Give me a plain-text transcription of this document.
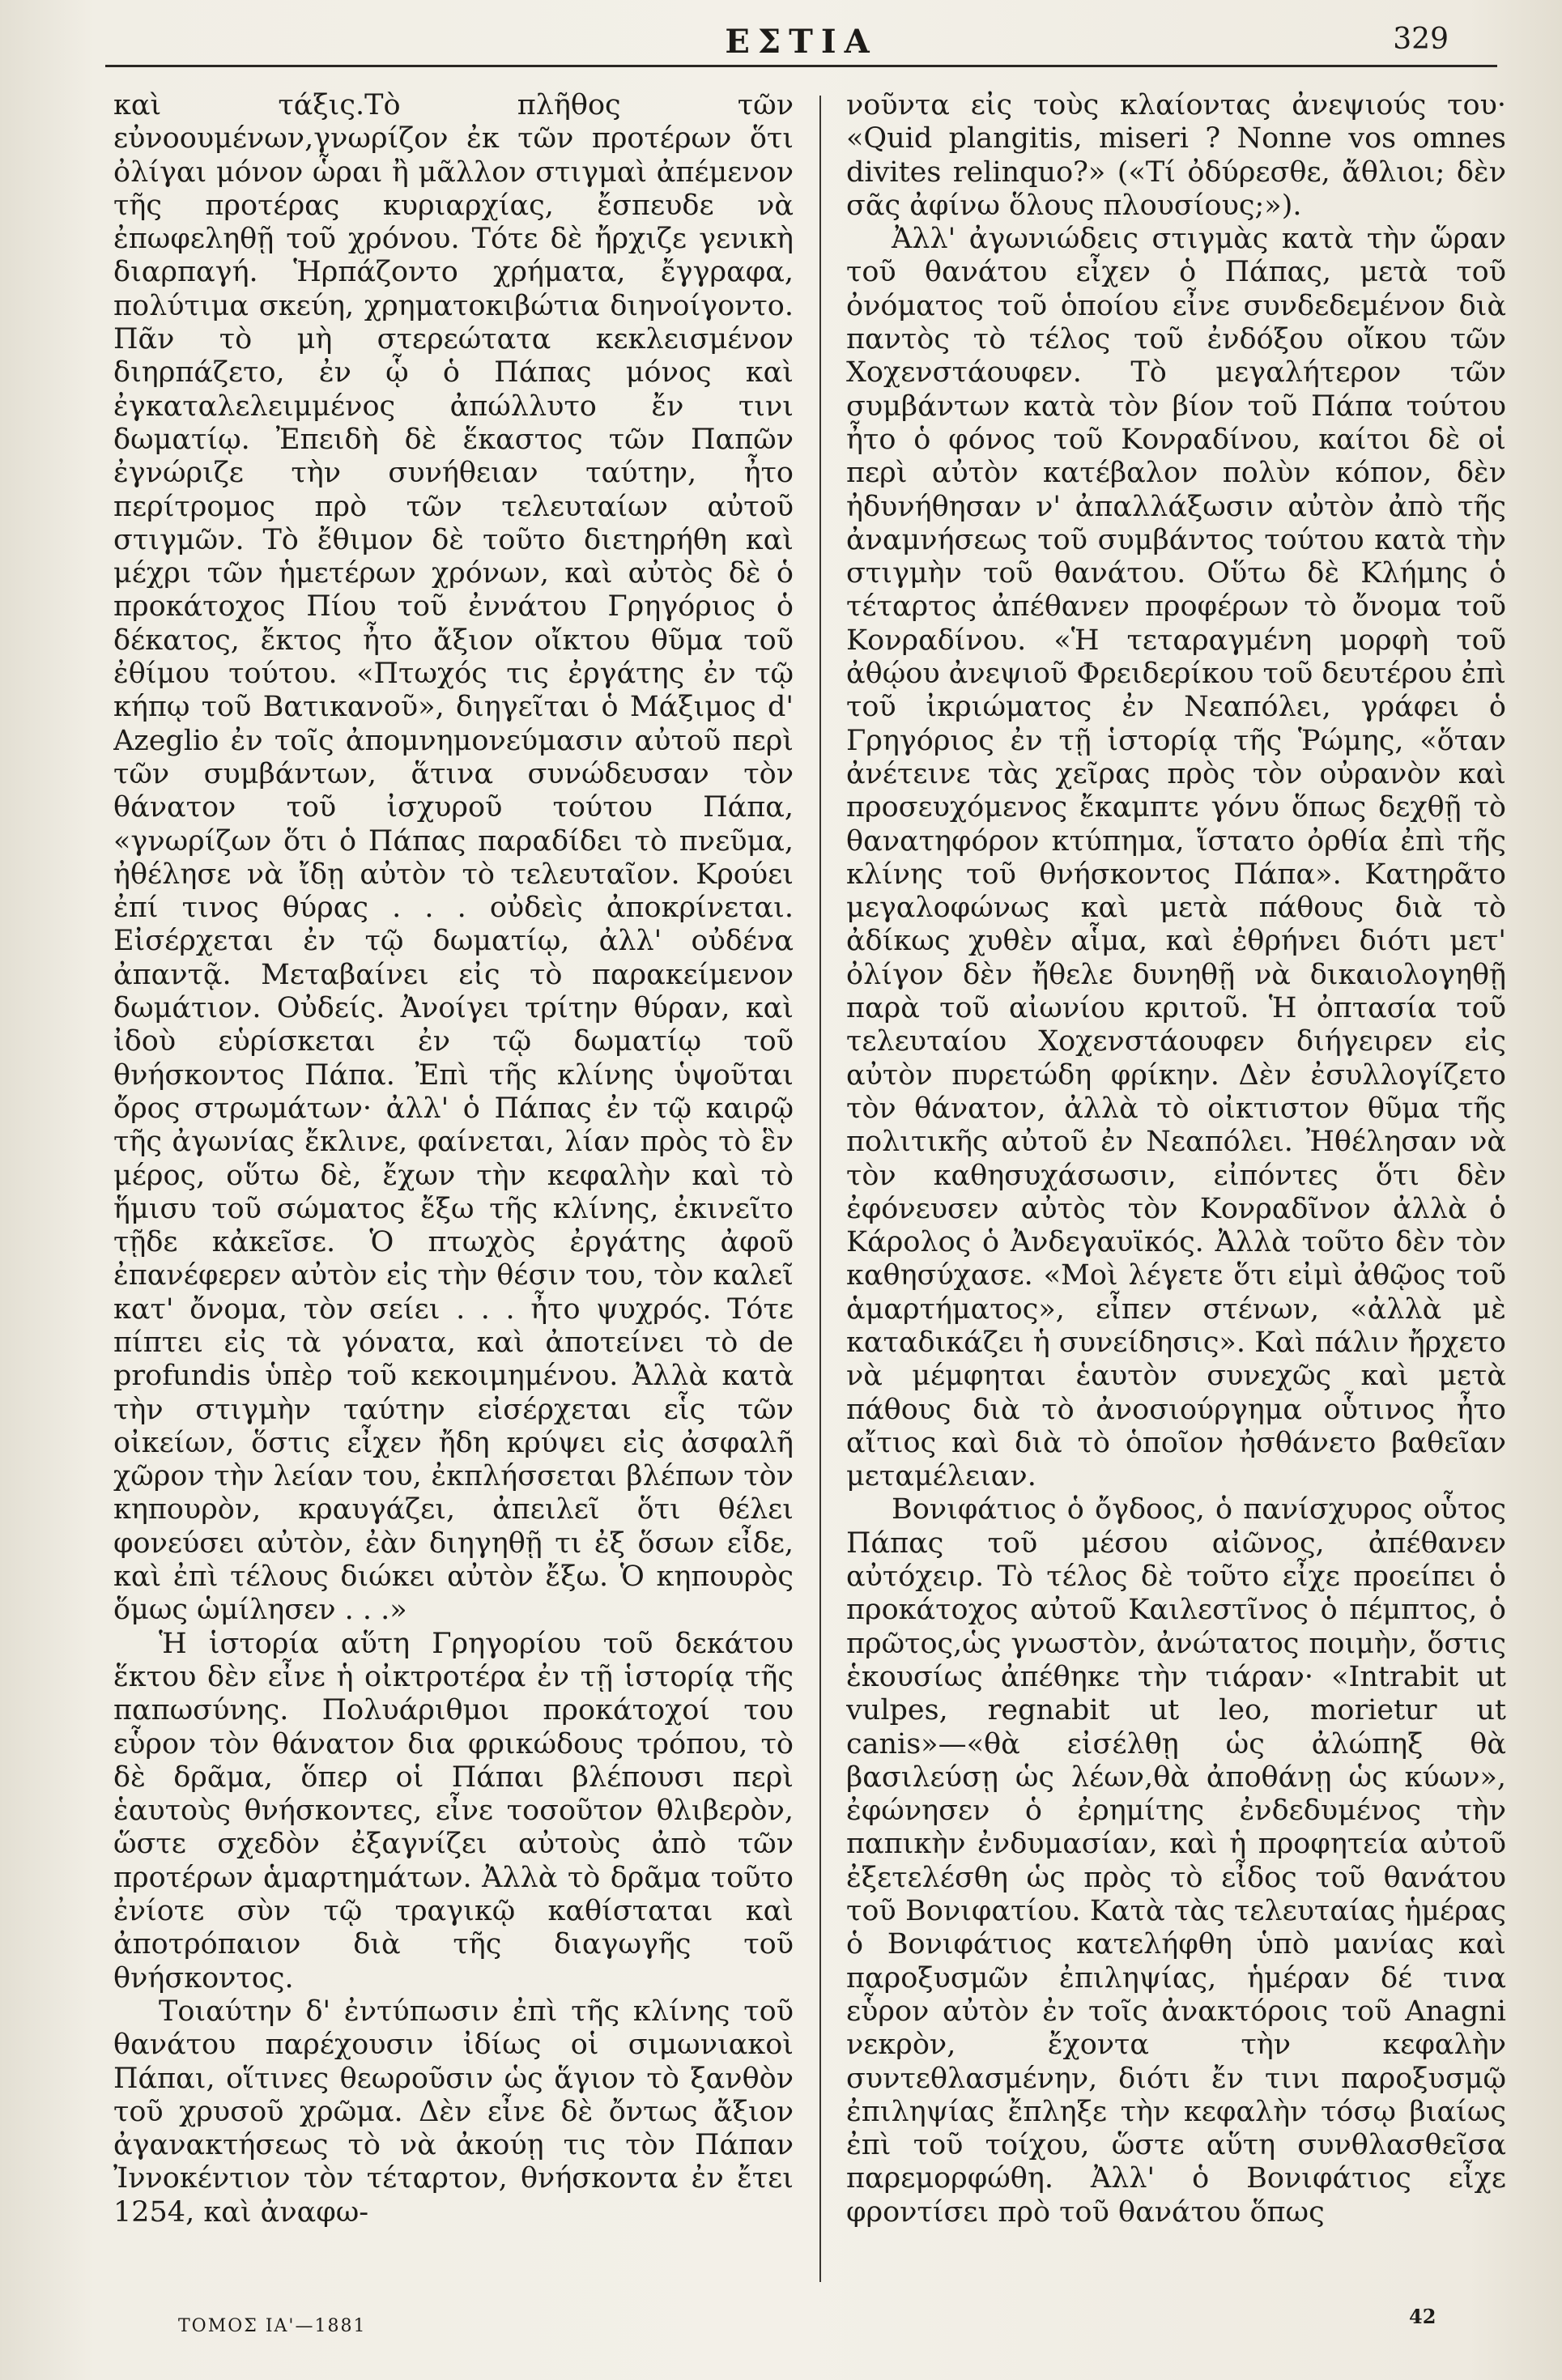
ΕΣΤΙΑ	329

καὶ τάξις.Τὸ πλῆθος τῶν εὐνοουμένων,γνωρίζον ἐκ τῶν προτέρων ὅτι ὀλίγαι μόνον ὧραι ἢ μᾶλλον στιγμαὶ ἀπέμενον τῆς προτέρας κυριαρχίας, ἔσπευδε νὰ ἐπωφεληθῇ τοῦ χρόνου. Τότε δὲ ἤρχιζε γενικὴ διαρπαγή. Ἡρπάζοντο χρήματα, ἔγγραφα, πολύτιμα σκεύη, χρηματοκιβώτια διηνοίγοντο. Πᾶν τὸ μὴ στερεώτατα κεκλεισμένον διηρπάζετο, ἐν ᾧ ὁ Πάπας μόνος καὶ ἐγκαταλελειμμένος ἀπώλλυτο ἔν τινι δωματίῳ. Ἐπειδὴ δὲ ἕκαστος τῶν Παπῶν ἐγνώριζε τὴν συνήθειαν ταύτην, ἦτο περίτρομος πρὸ τῶν τελευταίων αὐτοῦ στιγμῶν. Τὸ ἔθιμον δὲ τοῦτο διετηρήθη καὶ μέχρι τῶν ἡμετέρων χρόνων, καὶ αὐτὸς δὲ ὁ προκάτοχος Πίου τοῦ ἐννάτου Γρηγόριος ὁ δέκατος, ἔκτος ἦτο ἄξιον οἴκτου θῦμα τοῦ ἐθίμου τούτου. «Πτωχός τις ἐργάτης ἐν τῷ κήπῳ τοῦ Βατικανοῦ», διηγεῖται ὁ Μάξιμος d' Azeglio ἐν τοῖς ἀπομνημονεύμασιν αὐτοῦ περὶ τῶν συμβάντων, ἅτινα συνώδευσαν τὸν θάνατον τοῦ ἰσχυροῦ τούτου Πάπα, «γνωρίζων ὅτι ὁ Πάπας παραδίδει τὸ πνεῦμα, ἠθέλησε νὰ ἴδῃ αὐτὸν τὸ τελευταῖον. Κρούει ἐπί τινος θύρας . . . οὐδεὶς ἀποκρίνεται. Εἰσέρχεται ἐν τῷ δωματίῳ, ἀλλ' οὐδένα ἀπαντᾷ. Μεταβαίνει εἰς τὸ παρακείμενον δωμάτιον. Οὐδείς. Ἀνοίγει τρίτην θύραν, καὶ ἰδοὺ εὑρίσκεται ἐν τῷ δωματίῳ τοῦ θνήσκοντος Πάπα. Ἐπὶ τῆς κλίνης ὑψοῦται ὄρος στρωμάτων· ἀλλ' ὁ Πάπας ἐν τῷ καιρῷ τῆς ἀγωνίας ἔκλινε, φαίνεται, λίαν πρὸς τὸ ἓν μέρος, οὕτω δὲ, ἔχων τὴν κεφαλὴν καὶ τὸ ἥμισυ τοῦ σώματος ἔξω τῆς κλίνης, ἐκινεῖτο τῇδε κἀκεῖσε. Ὁ πτωχὸς ἐργάτης ἀφοῦ ἐπανέφερεν αὐτὸν εἰς τὴν θέσιν του, τὸν καλεῖ κατ' ὄνομα, τὸν σείει . . . ἦτο ψυχρός. Τότε πίπτει εἰς τὰ γόνατα, καὶ ἀποτείνει τὸ de profundis ὑπὲρ τοῦ κεκοιμημένου. Ἀλλὰ κατὰ τὴν στιγμὴν ταύτην εἰσέρχεται εἷς τῶν οἰκείων, ὅστις εἶχεν ἤδη κρύψει εἰς ἀσφαλῆ χῶρον τὴν λείαν του, ἐκπλήσσεται βλέπων τὸν κηπουρὸν, κραυγάζει, ἀπειλεῖ ὅτι θέλει φονεύσει αὐτὸν, ἐὰν διηγηθῇ τι ἐξ ὅσων εἶδε, καὶ ἐπὶ τέλους διώκει αὐτὸν ἔξω. Ὁ κηπουρὸς ὅμως ὡμίλησεν . . .»

Ἡ ἱστορία αὕτη Γρηγορίου τοῦ δεκάτου ἕκτου δὲν εἶνε ἡ οἰκτροτέρα ἐν τῇ ἱστορίᾳ τῆς παπωσύνης. Πολυάριθμοι προκάτοχοί του εὗρον τὸν θάνατον δια φρικώδους τρόπου, τὸ δὲ δρᾶμα, ὅπερ οἱ Πάπαι βλέπουσι περὶ ἑαυτοὺς θνήσκοντες, εἶνε τοσοῦτον θλιβερὸν, ὥστε σχεδὸν ἐξαγνίζει αὐτοὺς ἀπὸ τῶν προτέρων ἁμαρτημάτων. Ἀλλὰ τὸ δρᾶμα τοῦτο ἐνίοτε σὺν τῷ τραγικῷ καθίσταται καὶ ἀποτρόπαιον διὰ τῆς διαγωγῆς τοῦ θνήσκοντος.

Τοιαύτην δ' ἐντύπωσιν ἐπὶ τῆς κλίνης τοῦ θανάτου παρέχουσιν ἰδίως οἱ σιμωνιακοὶ Πάπαι, οἵτινες θεωροῦσιν ὡς ἅγιον τὸ ξανθὸν τοῦ χρυσοῦ χρῶμα. Δὲν εἶνε δὲ ὄντως ἄξιον ἀγανακτήσεως τὸ νὰ ἀκούῃ τις τὸν Πάπαν Ἰννοκέντιον τὸν τέταρτον, θνήσκοντα ἐν ἔτει 1254, καὶ ἀναφω-

νοῦντα εἰς τοὺς κλαίοντας ἀνεψιούς του· «Quid plangitis, miseri ? Nonne vos omnes divites relinquo?» («Τί ὀδύρεσθε, ἄθλιοι; δὲν σᾶς ἀφίνω ὅλους πλουσίους;»).

Ἀλλ' ἀγωνιώδεις στιγμὰς κατὰ τὴν ὥραν τοῦ θανάτου εἶχεν ὁ Πάπας, μετὰ τοῦ ὀνόματος τοῦ ὁποίου εἶνε συνδεδεμένον διὰ παντὸς τὸ τέλος τοῦ ἐνδόξου οἴκου τῶν Χοχενστάουφεν. Τὸ μεγαλήτερον τῶν συμβάντων κατὰ τὸν βίον τοῦ Πάπα τούτου ἦτο ὁ φόνος τοῦ Κονραδίνου, καίτοι δὲ οἱ περὶ αὐτὸν κατέβαλον πολὺν κόπον, δὲν ἠδυνήθησαν ν' ἀπαλλάξωσιν αὐτὸν ἀπὸ τῆς ἀναμνήσεως τοῦ συμβάντος τούτου κατὰ τὴν στιγμὴν τοῦ θανάτου. Οὕτω δὲ Κλήμης ὁ τέταρτος ἀπέθανεν προφέρων τὸ ὄνομα τοῦ Κονραδίνου. «Ἡ τεταραγμένη μορφὴ τοῦ ἀθῴου ἀνεψιοῦ Φρειδερίκου τοῦ δευτέρου ἐπὶ τοῦ ἰκριώματος ἐν Νεαπόλει, γράφει ὁ Γρηγόριος ἐν τῇ ἱστορίᾳ τῆς Ῥώμης, «ὅταν ἀνέτεινε τὰς χεῖρας πρὸς τὸν οὐρανὸν καὶ προσευχόμενος ἔκαμπτε γόνυ ὅπως δεχθῇ τὸ θανατηφόρον κτύπημα, ἵστατο ὀρθία ἐπὶ τῆς κλίνης τοῦ θνήσκοντος Πάπα». Κατηρᾶτο μεγαλοφώνως καὶ μετὰ πάθους διὰ τὸ ἀδίκως χυθὲν αἷμα, καὶ ἐθρήνει διότι μετ' ὀλίγον δὲν ἤθελε δυνηθῇ νὰ δικαιολογηθῇ παρὰ τοῦ αἰωνίου κριτοῦ. Ἡ ὀπτασία τοῦ τελευταίου Χοχενστάουφεν διήγειρεν εἰς αὐτὸν πυρετώδη φρίκην. Δὲν ἐσυλλογίζετο τὸν θάνατον, ἀλλὰ τὸ οἰκτιστον θῦμα τῆς πολιτικῆς αὐτοῦ ἐν Νεαπόλει. Ἠθέλησαν νὰ τὸν καθησυχάσωσιν, εἰπόντες ὅτι δὲν ἐφόνευσεν αὐτὸς τὸν Κονραδῖνον ἀλλὰ ὁ Κάρολος ὁ Ἀνδεγαυϊκός. Ἀλλὰ τοῦτο δὲν τὸν καθησύχασε. «Μοὶ λέγετε ὅτι εἰμὶ ἀθῷος τοῦ ἁμαρτήματος», εἶπεν στένων, «ἀλλὰ μὲ καταδικάζει ἡ συνείδησις». Καὶ πάλιν ἤρχετο νὰ μέμφηται ἑαυτὸν συνεχῶς καὶ μετὰ πάθους διὰ τὸ ἀνοσιούργημα οὗτινος ἦτο αἴτιος καὶ διὰ τὸ ὁποῖον ἠσθάνετο βαθεῖαν μεταμέλειαν.

Βονιφάτιος ὁ ὄγδοος, ὁ πανίσχυρος οὗτος Πάπας τοῦ μέσου αἰῶνος, ἀπέθανεν αὐτόχειρ. Τὸ τέλος δὲ τοῦτο εἶχε προείπει ὁ προκάτοχος αὐτοῦ Καιλεστῖνος ὁ πέμπτος, ὁ πρῶτος,ὡς γνωστὸν, ἀνώτατος ποιμὴν, ὅστις ἑκουσίως ἀπέθηκε τὴν τιάραν· «Intrabit ut vulpes, regnabit ut leo, morietur ut canis»—«θὰ εἰσέλθῃ ὡς ἀλώπηξ θὰ βασιλεύσῃ ὡς λέων,θὰ ἀποθάνῃ ὡς κύων», ἐφώνησεν ὁ ἐρημίτης ἐνδεδυμένος τὴν παπικὴν ἐνδυμασίαν, καὶ ἡ προφητεία αὐτοῦ ἐξετελέσθη ὡς πρὸς τὸ εἶδος τοῦ θανάτου τοῦ Βονιφατίου. Κατὰ τὰς τελευταίας ἡμέρας ὁ Βονιφάτιος κατελήφθη ὑπὸ μανίας καὶ παροξυσμῶν ἐπιληψίας, ἡμέραν δέ τινα εὗρον αὐτὸν ἐν τοῖς ἀνακτόροις τοῦ Anagni νεκρὸν, ἔχοντα τὴν κεφαλὴν συντεθλασμένην, διότι ἔν τινι παροξυσμῷ ἐπιληψίας ἔπληξε τὴν κεφαλὴν τόσῳ βιαίως ἐπὶ τοῦ τοίχου, ὥστε αὕτη συνθλασθεῖσα παρεμορφώθη. Ἀλλ' ὁ Βονιφάτιος εἶχε φροντίσει πρὸ τοῦ θανάτου ὅπως

ΤΟΜΟΣ ΙΑ'—1881	42
